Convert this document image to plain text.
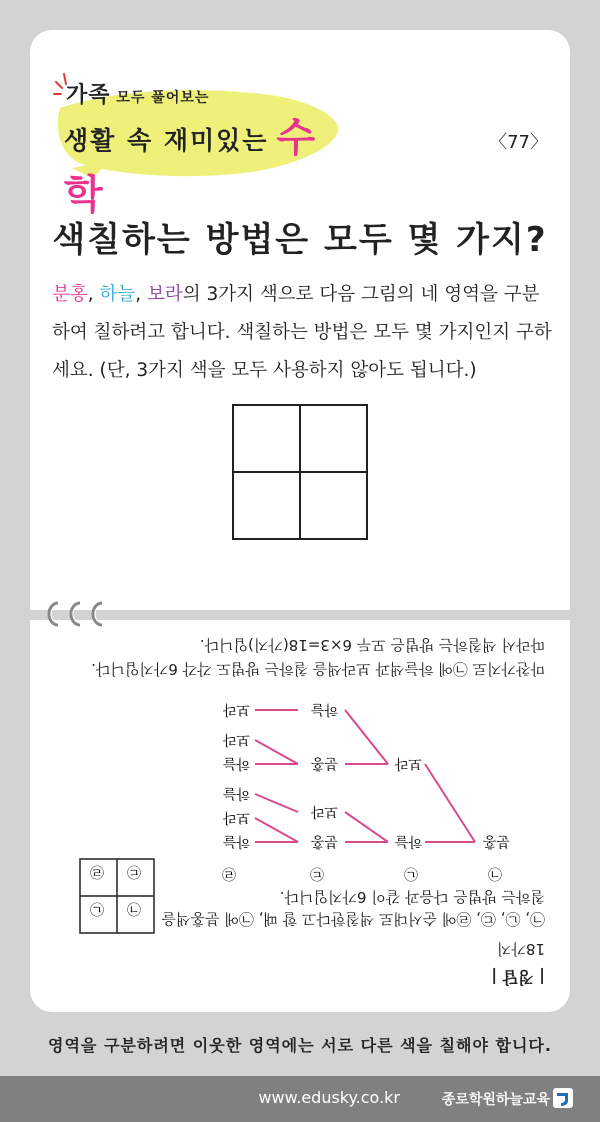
가족 모두 풀어보는
생활 속 재미있는 수학
〈77〉
색칠하는 방법은 모두 몇 가지?
분홍, 하늘, 보라의 3가지 색으로 다음 그림의 네 영역을 구분하여 칠하려고 합니다. 색칠하는 방법은 모두 몇 가지인지 구하세요. (단, 3가지 색을 모두 사용하지 않아도 됩니다.)
| 정답 |
18가지
㉠, ㉡, ㉢, ㉣에 순서대로 색칠한다고 할 때, ㉠에 분홍색을
칠하는 방법은 다음과 같이 6가지입니다.
㉠
㉡
㉢
㉣	㉠
㉡
㉢
㉣
분홍
하늘
보라
분홍
보라
분홍
하늘
하늘
보라
하늘
하늘
보라
보라
마찬가지로 ㉠에 하늘색과 보라색을 칠하는 방법도 각각 6가지입니다.
따라서 색칠하는 방법은 모두 6×3=18(가지)입니다.
영역을 구분하려면 이웃한 영역에는 서로 다른 색을 칠해야 합니다.
www.edusky.co.kr	종로학원하늘교육
